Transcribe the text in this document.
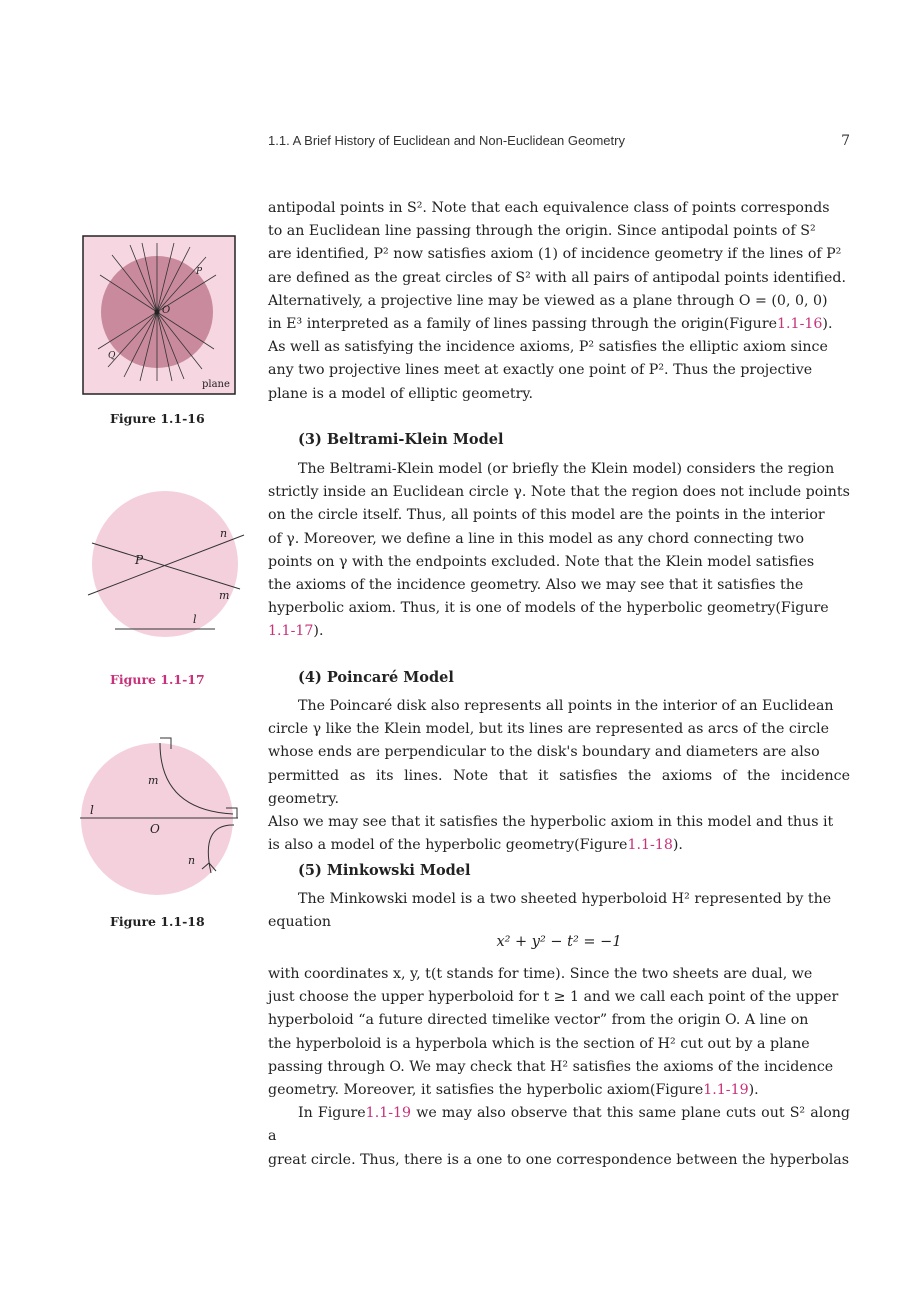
1.1. A Brief History of Euclidean and Non-Euclidean Geometry	7

antipodal points in S². Note that each equivalence class of points corresponds

to an Euclidean line passing through the origin. Since antipodal points of S²

are identified, P² now satisfies axiom (1) of incidence geometry if the lines of P²

are defined as the great circles of S² with all pairs of antipodal points identified.

Alternatively, a projective line may be viewed as a plane through O = (0, 0, 0)

in E³ interpreted as a family of lines passing through the origin(Figure1.1-16).

As well as satisfying the incidence axioms, P² satisfies the elliptic axiom since

any two projective lines meet at exactly one point of P². Thus the projective

plane is a model of elliptic geometry.

(3) Beltrami-Klein Model

The Beltrami-Klein model (or briefly the Klein model) considers the region

strictly inside an Euclidean circle γ. Note that the region does not include points

on the circle itself. Thus, all points of this model are the points in the interior

of γ. Moreover, we define a line in this model as any chord connecting two

points on γ with the endpoints excluded. Note that the Klein model satisfies

the axioms of the incidence geometry. Also we may see that it satisfies the

hyperbolic axiom. Thus, it is one of models of the hyperbolic geometry(Figure

1.1-17).

(4) Poincaré Model

The Poincaré disk also represents all points in the interior of an Euclidean

circle γ like the Klein model, but its lines are represented as arcs of the circle

whose ends are perpendicular to the disk's boundary and diameters are also

permitted as its lines. Note that it satisfies the axioms of the incidence geometry.

Also we may see that it satisfies the hyperbolic axiom in this model and thus it

is also a model of the hyperbolic geometry(Figure1.1-18).

(5) Minkowski Model

The Minkowski model is a two sheeted hyperboloid H² represented by the

equation

x² + y² − t² = −1

with coordinates x, y, t(t stands for time). Since the two sheets are dual, we

just choose the upper hyperboloid for t ≥ 1 and we call each point of the upper

hyperboloid “a future directed timelike vector” from the origin O. A line on

the hyperboloid is a hyperbola which is the section of H² cut out by a plane

passing through O. We may check that H² satisfies the axioms of the incidence

geometry. Moreover, it satisfies the hyperbolic axiom(Figure1.1-19).

In Figure1.1-19 we may also observe that this same plane cuts out S² along a

great circle. Thus, there is a one to one correspondence between the hyperbolas

O
P
Q
plane
Figure 1.1-16
n
P
m
l
Figure 1.1-17
m
l
O
n
Figure 1.1-18
